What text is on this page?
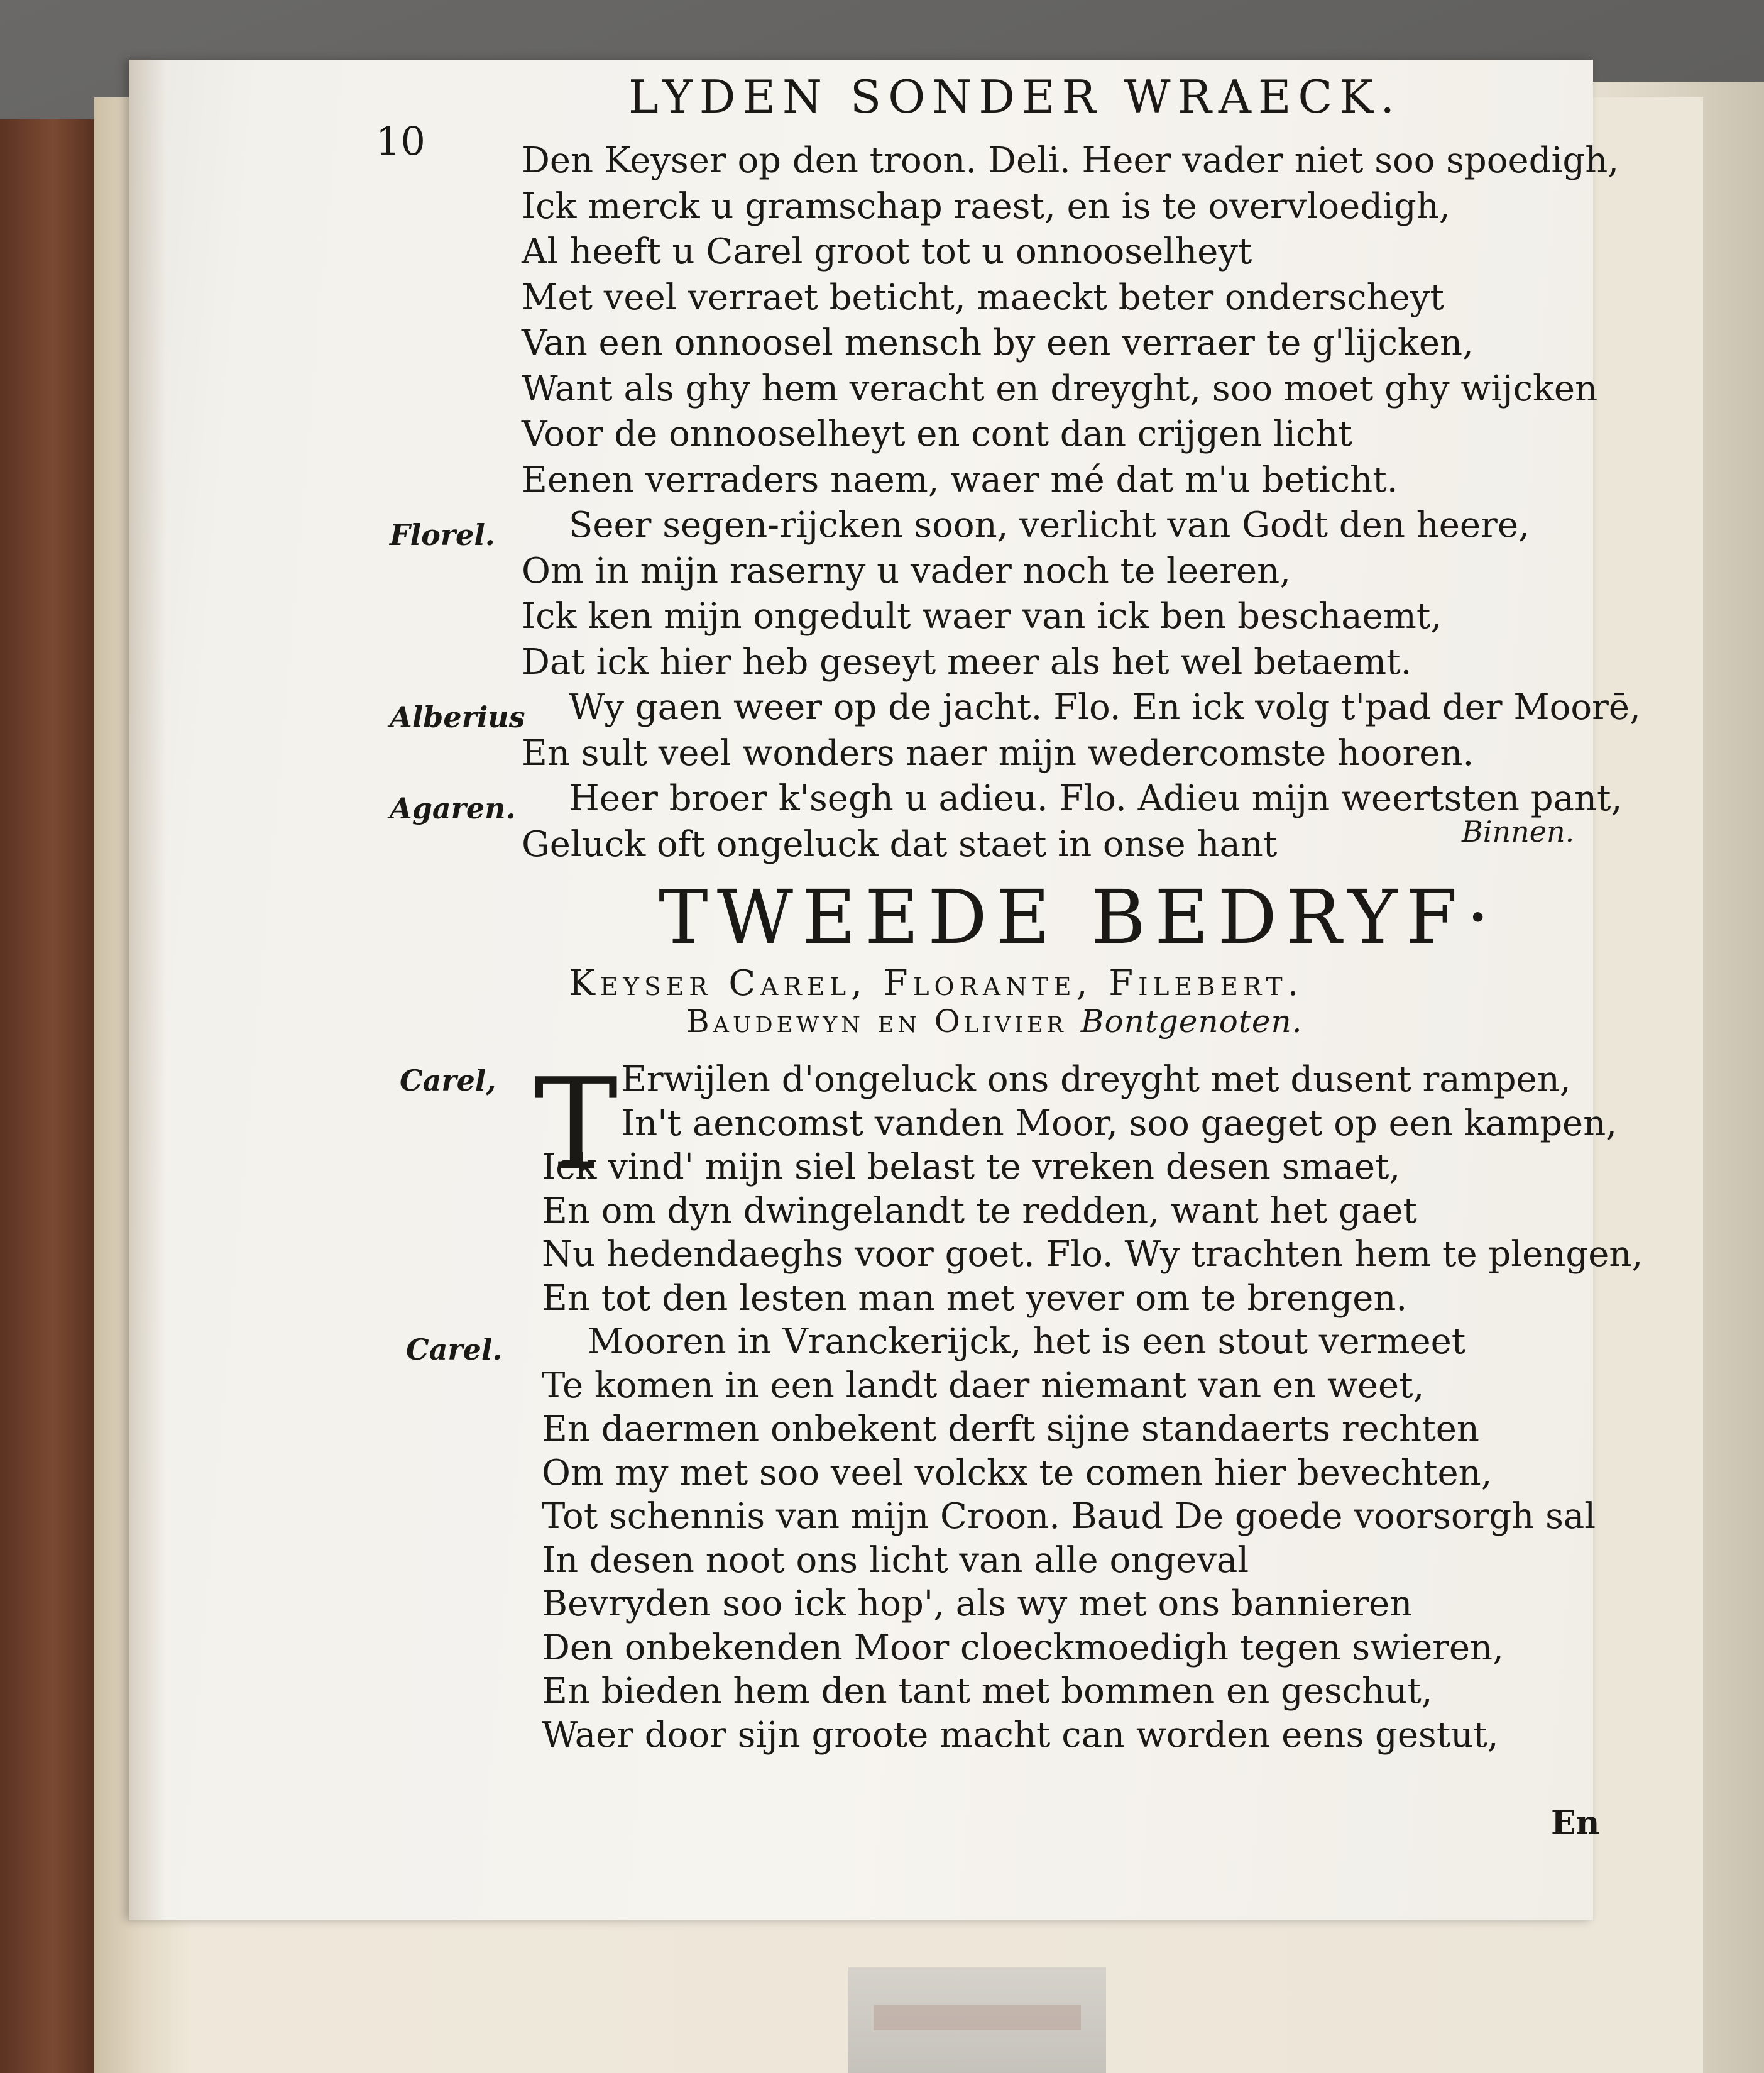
LYDEN SONDER WRAECK.
10	Den Keyser op den troon. Deli. Heer vader niet soo spoedigh,
Ick merck u gramschap raest, en is te overvloedigh,
Al heeft u Carel groot tot u onnooselheyt
Met veel verraet beticht, maeckt beter onderscheyt
Van een onnoosel mensch by een verraer te g'lijcken,
Want als ghy hem veracht en dreyght, soo moet ghy wijcken
Voor de onnooselheyt en cont dan crijgen licht
Eenen verraders naem, waer mé dat m'u beticht.
Seer segen-rijcken soon, verlicht van Godt den heere,
Florel.
Om in mijn raserny u vader noch te leeren,
Ick ken mijn ongedult waer van ick ben beschaemt,
Dat ick hier heb geseyt meer als het wel betaemt.
Wy gaen weer op de jacht. Flo. En ick volg t'pad der Moorē,
Alberius
En sult veel wonders naer mijn wedercomste hooren.
Heer broer k'segh u adieu. Flo. Adieu mijn weertsten pant,
Agaren.
Geluck oft ongeluck dat staet in onse hant	Binnen.
TWEEDE BEDRYF·
Keyser Carel, Florante, Filebert.
Baudewyn en Olivier Bontgenoten.
T
Carel,
Carel.
Erwijlen d'ongeluck ons dreyght met dusent rampen,
In't aencomst vanden Moor, soo gaeget op een kampen,
Ick vind' mijn siel belast te vreken desen smaet,
En om dyn dwingelandt te redden, want het gaet
Nu hedendaeghs voor goet. Flo. Wy trachten hem te plengen,
En tot den lesten man met yever om te brengen.
Mooren in Vranckerijck, het is een stout vermeet
Te komen in een landt daer niemant van en weet,
En daermen onbekent derft sijne standaerts rechten
Om my met soo veel volckx te comen hier bevechten,
Tot schennis van mijn Croon. Baud De goede voorsorgh sal
In desen noot ons licht van alle ongeval
Bevryden soo ick hop', als wy met ons bannieren
Den onbekenden Moor cloeckmoedigh tegen swieren,
En bieden hem den tant met bommen en geschut,
Waer door sijn groote macht can worden eens gestut,
En
